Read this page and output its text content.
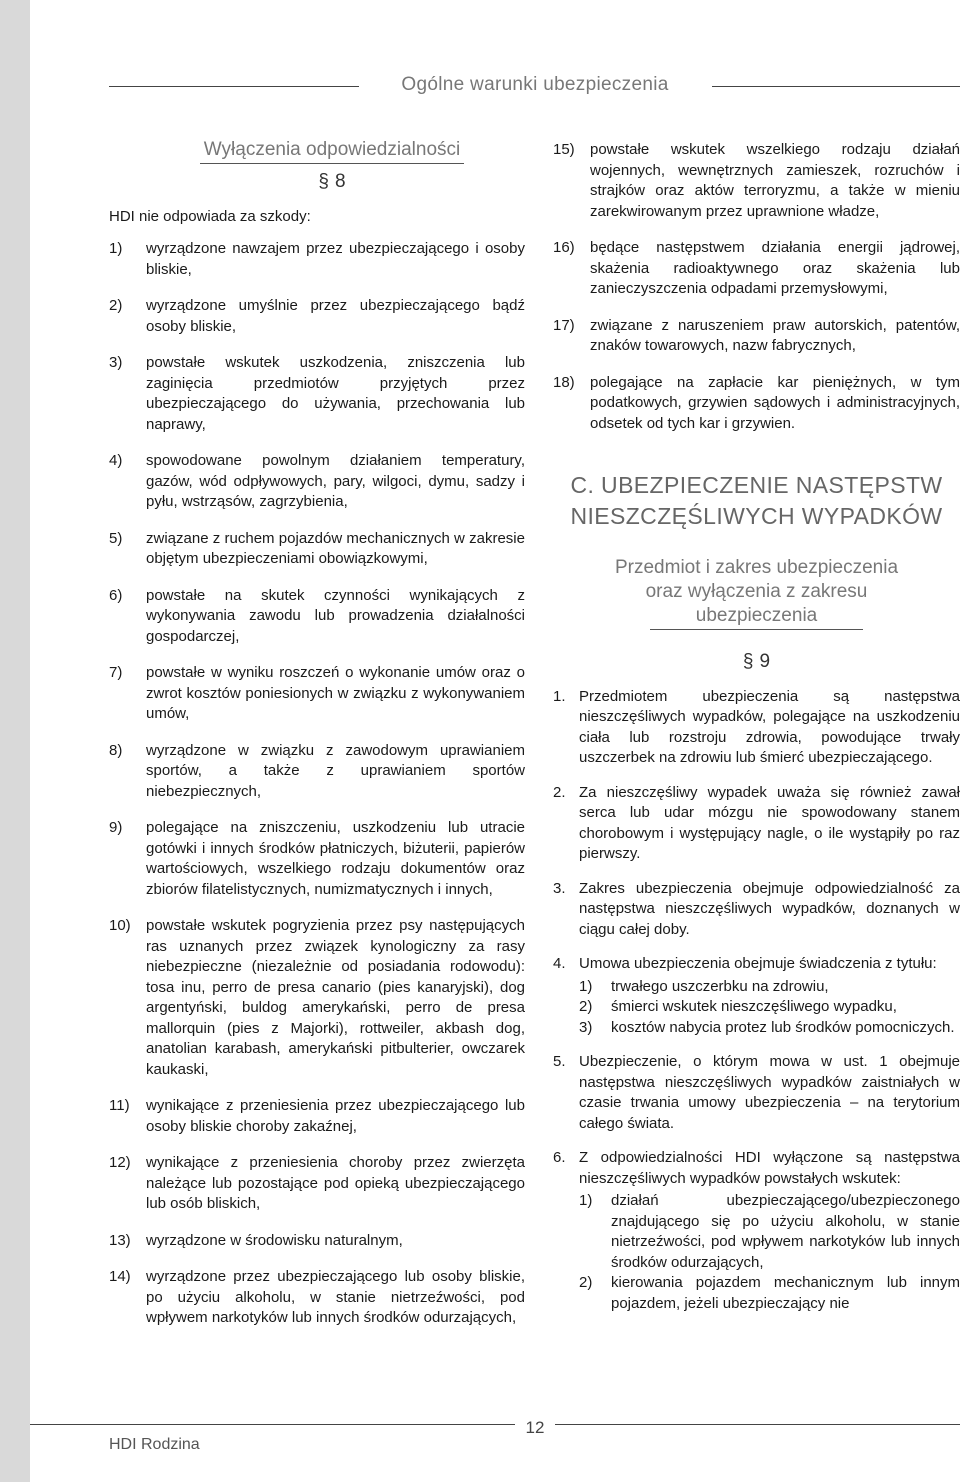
Ogólne warunki ubezpieczenia
Wyłączenia odpowiedzialności
§8
HDI nie odpowiada za szkody:
1)	wyrządzone nawzajem przez ubezpieczającego i osoby bliskie,
2)	wyrządzone umyślnie przez ubezpieczającego bądź osoby bliskie,
3)	powstałe wskutek uszkodzenia, zniszczenia lub zaginięcia przedmiotów przyjętych przez ubezpieczającego do używania, przechowania lub naprawy,
4)	spowodowane powolnym działaniem temperatury, gazów, wód odpływowych, pary, wilgoci, dymu, sadzy i pyłu, wstrząsów, zagrzybienia,
5)	związane z ruchem pojazdów mechanicznych w zakresie objętym ubezpieczeniami obowiązkowymi,
6)	powstałe na skutek czynności wynikających z wykonywania zawodu lub prowadzenia działalności gospodarczej,
7)	powstałe w wyniku roszczeń o wykonanie umów oraz o zwrot kosztów poniesionych w związku z wykonywaniem umów,
8)	wyrządzone w związku z zawodowym uprawianiem sportów, a także z uprawianiem sportów niebezpiecznych,
9)	polegające na zniszczeniu, uszkodzeniu lub utracie gotówki i innych środków płatniczych, biżuterii, papierów wartościowych, wszelkiego rodzaju dokumentów oraz zbiorów filatelistycznych, numizmatycznych i innych,
10)	powstałe wskutek pogryzienia przez psy następujących ras uznanych przez związek kynologiczny za rasy niebezpieczne (niezależnie od posiadania rodowodu): tosa inu, perro de presa canario (pies kanaryjski), dog argentyński, buldog amerykański, perro de presa mallorquin (pies z Majorki), rottweiler, akbash dog, anatolian karabash, amerykański pitbulterier, owczarek kaukaski,
11)	wynikające z przeniesienia przez ubezpieczającego lub osoby bliskie choroby zakaźnej,
12)	wynikające z przeniesienia choroby przez zwierzęta należące lub pozostające pod opieką ubezpieczającego lub osób bliskich,
13)	wyrządzone w środowisku naturalnym,
14)	wyrządzone przez ubezpieczającego lub osoby bliskie, po użyciu alkoholu, w stanie nietrzeźwości, pod wpływem narkotyków lub innych środków odurzających,
15)	powstałe wskutek wszelkiego rodzaju działań wojennych, wewnętrznych zamieszek, rozruchów i strajków oraz aktów terroryzmu, a także w mieniu zarekwirowanym przez uprawnione władze,
16)	będące następstwem działania energii jądrowej, skażenia radioaktywnego oraz skażenia lub zanieczyszczenia odpadami przemysłowymi,
17)	związane z naruszeniem praw autorskich, patentów, znaków towarowych, nazw fabrycznych,
18)	polegające na zapłacie kar pieniężnych, w tym podatkowych, grzywien sądowych i administracyjnych, odsetek od tych kar i grzywien.
C. UBEZPIECZENIE NASTĘPSTW
NIESZCZĘŚLIWYCH WYPADKÓW
Przedmiot i zakres ubezpieczenia
oraz wyłączenia z zakresu
ubezpieczenia
§9
1. Przedmiotem ubezpieczenia są następstwa nieszczęśliwych wypadków, polegające na uszkodzeniu ciała lub rozstroju zdrowia, powodujące trwały uszczerbek na zdrowiu lub śmierć ubezpieczającego.
2. Za nieszczęśliwy wypadek uważa się również zawał serca lub udar mózgu nie spowodowany stanem chorobowym i występujący nagle, o ile wystąpiły po raz pierwszy.
3. Zakres ubezpieczenia obejmuje odpowiedzialność za następstwa nieszczęśliwych wypadków, doznanych w ciągu całej doby.
4. Umowa ubezpieczenia obejmuje świadczenia z tytułu:
1)	trwałego uszczerbku na zdrowiu,
2)	śmierci wskutek nieszczęśliwego wypadku,
3)	kosztów nabycia protez lub środków pomocniczych.
5. Ubezpieczenie, o którym mowa w ust. 1 obejmuje następstwa nieszczęśliwych wypadków zaistniałych w czasie trwania umowy ubezpieczenia – na terytorium całego świata.
6. Z odpowiedzialności HDI wyłączone są następstwa nieszczęśliwych wypadków powstałych wskutek:
1)	działań ubezpieczającego/ubezpieczonego znajdującego się po użyciu alkoholu, w stanie nietrzeźwości, pod wpływem narkotyków lub innych środków odurzających,
2)	kierowania pojazdem mechanicznym lub innym pojazdem, jeżeli ubezpieczający nie
12
HDI Rodzina
